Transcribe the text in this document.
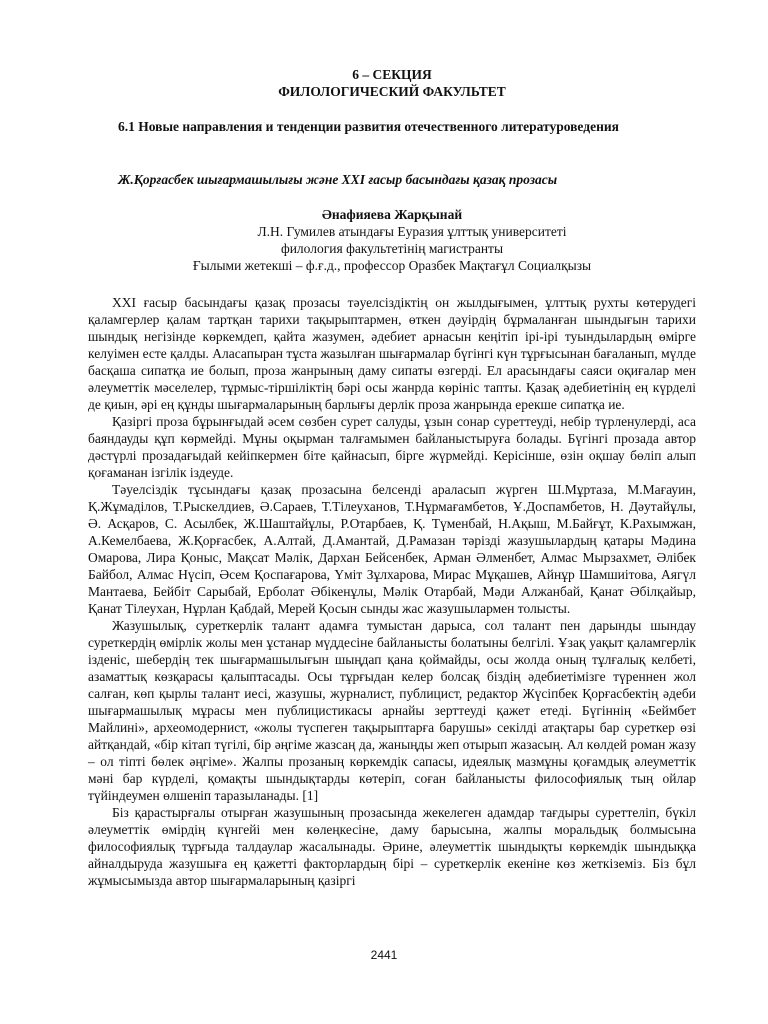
6 – СЕКЦИЯ

ФИЛОЛОГИЧЕСКИЙ ФАКУЛЬТЕТ

6.1 Новые направления и тенденции развития отечественного литературоведения

Ж.Қорғасбек шығармашылығы және XXI ғасыр басындағы қазақ прозасы

Әнафияева Жарқынай

Л.Н. Гумилев атындағы Еуразия ұлттық университеті

филология факультетінің магистранты

Ғылыми жетекші – ф.ғ.д., профессор Оразбек Мақтағұл Социалқызы

XXI ғасыр басындағы қазақ прозасы тәуелсіздіктің он жылдығымен, ұлттық рухты көтерудегі қаламгерлер қалам тартқан тарихи тақырыптармен, өткен дәуірдің бұрмаланған шындығын тарихи шындық негізінде көркемдеп, қайта жазумен, әдебиет арнасын кеңітіп ірі-ірі туындылардың өмірге келуімен есте қалды. Аласапыран тұста жазылған шығармалар бүгінгі күн тұрғысынан бағаланып, мүлде басқаша сипатқа ие болып, проза жанрының даму сипаты өзгерді. Ел арасындағы саяси оқиғалар мен әлеуметтік мәселелер, тұрмыс-тіршіліктің бәрі осы жанрда көрініс тапты. Қазақ әдебиетінің ең күрделі де қиын, әрі ең құнды шығармаларының барлығы дерлік проза жанрында ерекше сипатқа ие.

Қазіргі проза бұрынғыдай әсем сөзбен сурет салуды, ұзын сонар суреттеуді, небір түрленулерді, аса баяндауды құп көрмейді. Мұны оқырман талғамымен байланыстыруға болады. Бүгінгі прозада автор дәстүрлі прозадағыдай кейіпкермен біте қайнасып, бірге жүрмейді. Керісінше, өзін оқшау бөліп алып қоғаманан ізгілік іздеуде.

Тәуелсіздік тұсындағы қазақ прозасына белсенді араласып жүрген Ш.Мұртаза, М.Мағауин, Қ.Жұмаділов, Т.Рыскелдиев, Ә.Сараев, Т.Тілеуханов, Т.Нұрмағамбетов, Ұ.Доспамбетов, Н. Дәутайұлы, Ә. Асқаров, С. Асылбек, Ж.Шаштайұлы, Р.Отарбаев, Қ. Түменбай, Н.Ақыш, М.Байғұт, К.Рахымжан, А.Кемелбаева, Ж.Қорғасбек, А.Алтай, Д.Амантай, Д.Рамазан тәрізді жазушылардың қатары Мәдина Омарова, Лира Қоныс, Мақсат Мәлік, Дархан Бейсенбек, Арман Әлменбет, Алмас Мырзахмет, Әлібек Байбол, Алмас Нүсіп, Әсем Қоспағарова, Үміт Зұлхарова, Мирас Мұқашев, Айнұр Шамшиітова, Аягүл Мантаева, Бейбіт Сарыбай, Ерболат Әбікенұлы, Мәлік Отарбай, Мәди Алжанбай, Қанат Әбілқайыр, Қанат Тілеухан, Нұрлан Қабдай, Мерей Қосын сынды жас жазушылармен толысты.

Жазушылық, суреткерлік талант адамға тумыстан дарыса, сол талант пен дарынды шындау суреткердің өмірлік жолы мен ұстанар мүддесіне байланысты болатыны белгілі. Ұзақ уақыт қаламгерлік ізденіс, шебердің тек шығармашылығын шыңдап қана қоймайды, осы жолда оның тұлғалық келбеті, азаматтық көзқарасы қалыптасады. Осы тұрғыдан келер болсақ біздің әдебиетімізге түреннен жол салған, көп қырлы талант иесі, жазушы, журналист, публицист, редактор Жүсіпбек Қорғасбектің әдеби шығармашылық мұрасы мен публицистикасы арнайы зерттеуді қажет етеді. Бүгіннің «Беймбет Майлині», археомодернист, «жолы түспеген тақырыптарға барушы» секілді атақтары бар суреткер өзі айтқандай, «бір кітап түгілі, бір әңгіме жазсаң да, жаныңды жеп отырып жазасың. Ал көлдей роман жазу – ол тіпті бөлек әңгіме». Жалпы прозаның көркемдік сапасы, идеялық мазмұны қоғамдық әлеуметтік мәні бар күрделі, қомақты шындықтарды көтеріп, соған байланысты философиялық тың ойлар түйіндеумен өлшеніп таразыланады. [1]

Біз қарастырғалы отырған жазушының прозасында жекелеген адамдар тағдыры суреттеліп, бүкіл әлеуметтік өмірдің күнгейі мен көлеңкесіне, даму барысына, жалпы моральдық болмысына философиялық тұрғыда талдаулар жасалынады. Әрине, әлеуметтік шындықты көркемдік шындыққа айналдыруда жазушыға ең қажетті факторлардың бірі – суреткерлік екеніне көз жеткіземіз. Біз бұл жұмысымызда автор шығармаларының қазіргі

2441
